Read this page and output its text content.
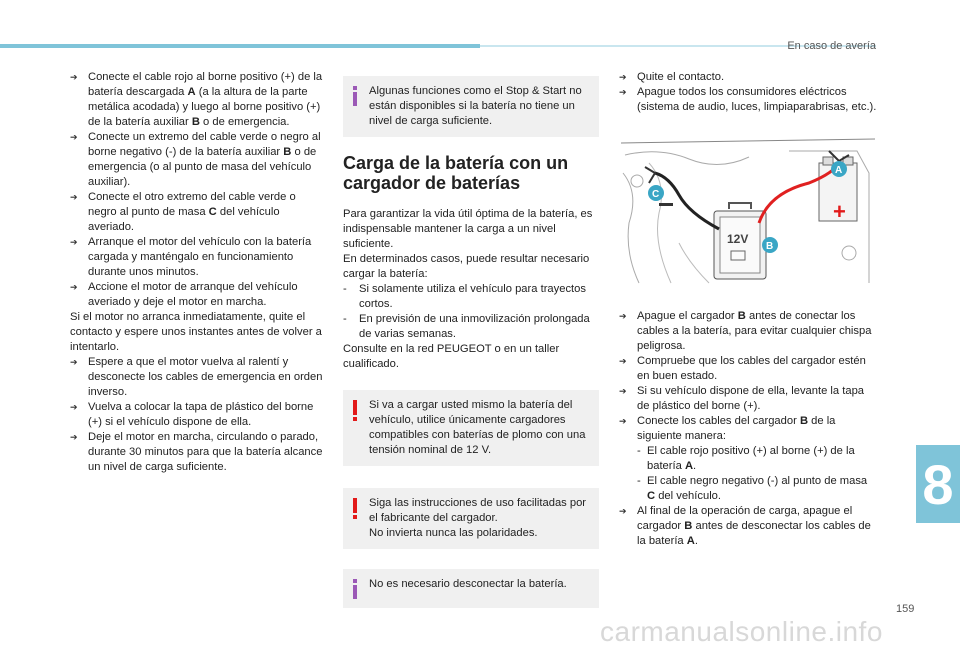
En caso de avería
➔ Conecte el cable rojo al borne positivo (+) de la batería descargada A (a la altura de la parte metálica acodada) y luego al borne positivo (+) de la batería auxiliar B o de emergencia.
➔ Conecte un extremo del cable verde o negro al borne negativo (-) de la batería auxiliar B o de emergencia (o al punto de masa del vehículo auxiliar).
➔ Conecte el otro extremo del cable verde o negro al punto de masa C del vehículo averiado.
➔ Arranque el motor del vehículo con la batería cargada y manténgalo en funcionamiento durante unos minutos.
➔ Accione el motor de arranque del vehículo averiado y deje el motor en marcha.
Si el motor no arranca inmediatamente, quite el contacto y espere unos instantes antes de volver a intentarlo.
➔ Espere a que el motor vuelva al ralentí y desconecte los cables de emergencia en orden inverso.
➔ Vuelva a colocar la tapa de plástico del borne (+) si el vehículo dispone de ella.
➔ Deje el motor en marcha, circulando o parado, durante 30 minutos para que la batería alcance un nivel de carga suficiente.
Algunas funciones como el Stop & Start no están disponibles si la batería no tiene un nivel de carga suficiente.
Carga de la batería con un cargador de baterías
Para garantizar la vida útil óptima de la batería, es indispensable mantener la carga a un nivel suficiente.
En determinados casos, puede resultar necesario cargar la batería:
- Si solamente utiliza el vehículo para trayectos cortos.
- En previsión de una inmovilización prolongada de varias semanas.
Consulte en la red PEUGEOT o en un taller cualificado.
Si va a cargar usted mismo la batería del vehículo, utilice únicamente cargadores compatibles con baterías de plomo con una tensión nominal de 12 V.
Siga las instrucciones de uso facilitadas por el fabricante del cargador.
No invierta nunca las polaridades.
No es necesario desconectar la batería.
➔ Quite el contacto.
➔ Apague todos los consumidores eléctricos (sistema de audio, luces, limpiaparabrisas, etc.).
12V
+
A
B
C
➔ Apague el cargador B antes de conectar los cables a la batería, para evitar cualquier chispa peligrosa.
➔ Compruebe que los cables del cargador estén en buen estado.
➔ Si su vehículo dispone de ella, levante la tapa de plástico del borne (+).
➔ Conecte los cables del cargador B de la siguiente manera:
- El cable rojo positivo (+) al borne (+) de la batería A.
- El cable negro negativo (-) al punto de masa C del vehículo.
➔ Al final de la operación de carga, apague el cargador B antes de desconectar los cables de la batería A.
8
159
carmanualsonline.info
